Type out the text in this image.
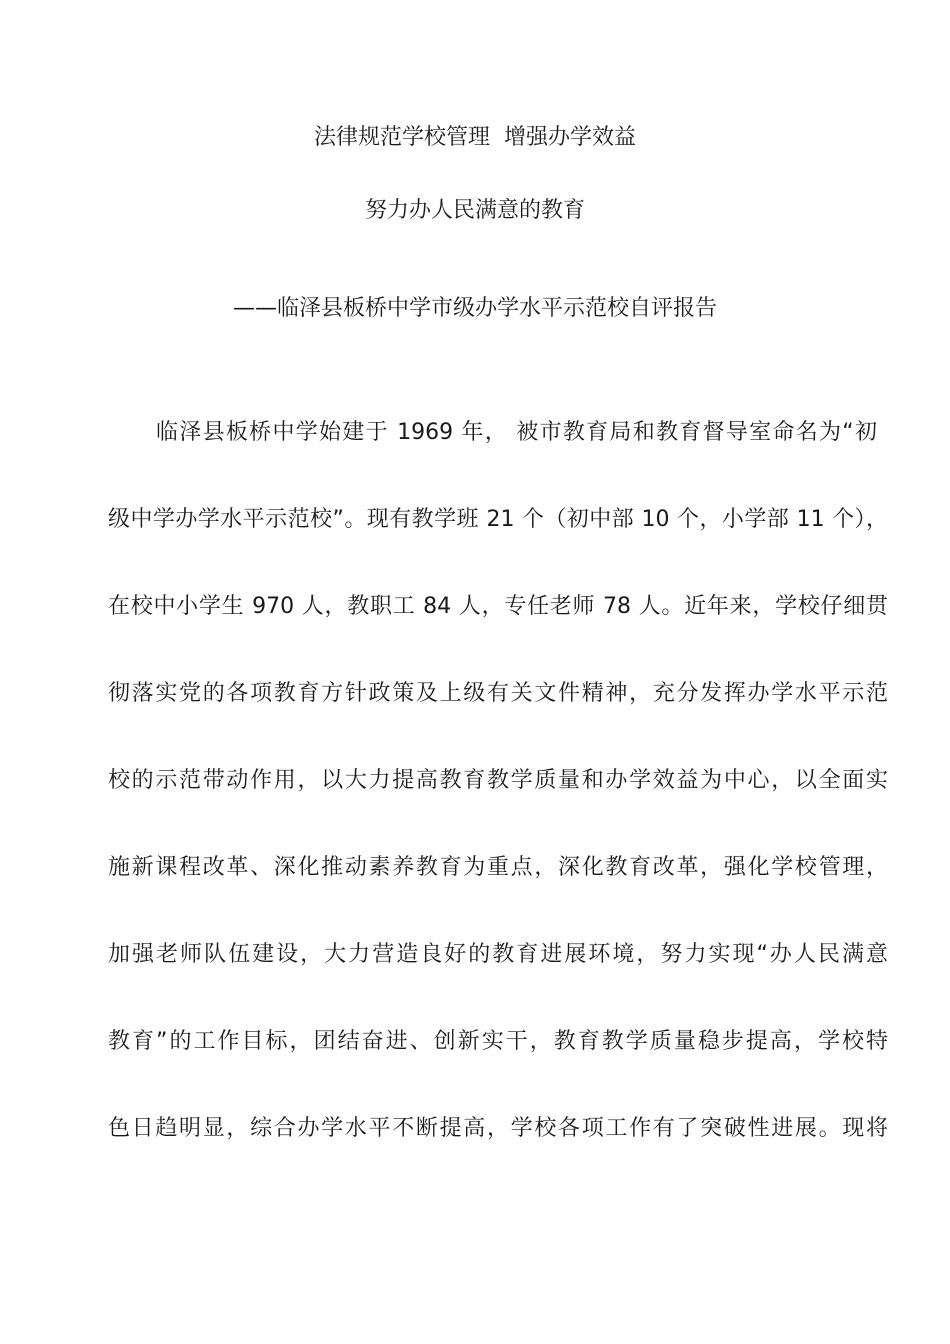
法律规范学校管理  增强办学效益
努力办人民满意的教育
——临泽县板桥中学市级办学水平示范校自评报告
临泽县板桥中学始建于 1969 年， 被市教育局和教育督导室命名为“初
级中学办学水平示范校”。现有教学班 21 个（初中部 10 个，小学部 11 个），
在校中小学生 970 人，教职工 84 人，专任老师 78 人。近年来，学校仔细贯
彻落实党的各项教育方针政策及上级有关文件精神，充分发挥办学水平示范
校的示范带动作用，以大力提高教育教学质量和办学效益为中心，以全面实
施新课程改革、深化推动素养教育为重点，深化教育改革，强化学校管理，
加强老师队伍建设，大力营造良好的教育进展环境，努力实现“办人民满意
教育”的工作目标，团结奋进、创新实干，教育教学质量稳步提高，学校特
色日趋明显，综合办学水平不断提高，学校各项工作有了突破性进展。现将
